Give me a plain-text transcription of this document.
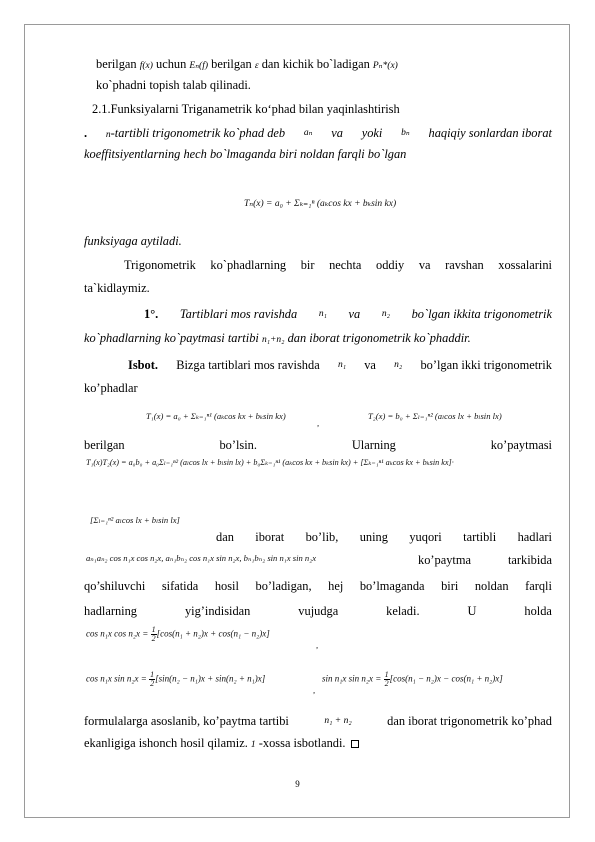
berilgan f(x) uchun Eₙ(f) berilgan ε dan kichik bo`ladigan Pₙ*(x)
ko`phadni topish talab qilinadi.
2.1.Funksiyalarni Triganametrik koʻphad bilan yaqinlashtirish
. n-tartibli trigonometrik ko`phad deb aₙ va yoki bₙ haqiqiy sonlardan iborat
koeffitsiyentlarning hech bo`lmaganda biri noldan farqli bo`lgan
Tₙ(x) = a₀ + Σₖ₌₁ⁿ (aₖcos kx + bₖsin kx)
funksiyaga aytiladi.
Trigonometrik ko`phadlarning bir nechta oddiy va ravshan xossalarini
ta`kidlaymiz.
1°. Tartiblari mos ravishda n₁ va n₂ bo`lgan ikkita trigonometrik
ko`phadlarning ko`paytmasi tartibi n₁+n₂ dan iborat trigonometrik ko`phaddir.
Isbot. Bizga tartiblari mos ravishda n₁ va n₂ bo’lgan ikki trigonometrik
ko’phadlar
T₁(x) = a₀ + Σₖ₌₁ⁿ¹ (aₖcos kx + bₖsin kx)
,
T₂(x) = b₀ + Σₗ₌₁ⁿ² (aₗcos lx + bₗsin lx)
berilgan	bo’lsin.	Ularning	ko’paytmasi
T₁(x)T₂(x) = a₀b₀ + a₀Σₗ₌₁ⁿ² (aₗcos lx + bₗsin lx) + b₀Σₖ₌₁ⁿ¹ (aₖcos kx + bₖsin kx) + [Σₖ₌₁ⁿ¹ aₖcos kx + bₖsin kx]·
[Σₗ₌₁ⁿ² aₗcos lx + bₗsin lx]
dan iborat bo’lib, uning yuqori tartibli hadlari
aₙ₁aₙ₂ cos n₁x cos n₂x, aₙ₁bₙ₂ cos n₁x sin n₂x, bₙ₁bₙ₂ sin n₁x sin n₂x	ko’paytma	tarkibida
qo’shiluvchi sifatida hosil bo’ladigan, hej bo’lmaganda biri noldan farqli
hadlarning	yig’indisidan	vujudga	keladi.	U	holda
cos n₁x $\cos n_2x = \frac{1}{2} [\cos(n_1 + n_2)x + \cos(n_1 - n_2)x]$
,
cos n₁x $\sin n_2x = \frac{1}{2} [\sin(n_2 - n_1)x + \sin(n_2 + n_1)x]$
,
sin n₁x $\sin n_2x = \frac{1}{2} [\cos(n_1 - n_2)x - \cos(n_1 + n_2)x]$
formulalarga asoslanib, ko’paytma tartibi	n₁ + n₂	dan iborat trigonometrik ko’phad
ekanligiga ishonch hosil qilamiz. 1 -xossa isbotlandi.
9
